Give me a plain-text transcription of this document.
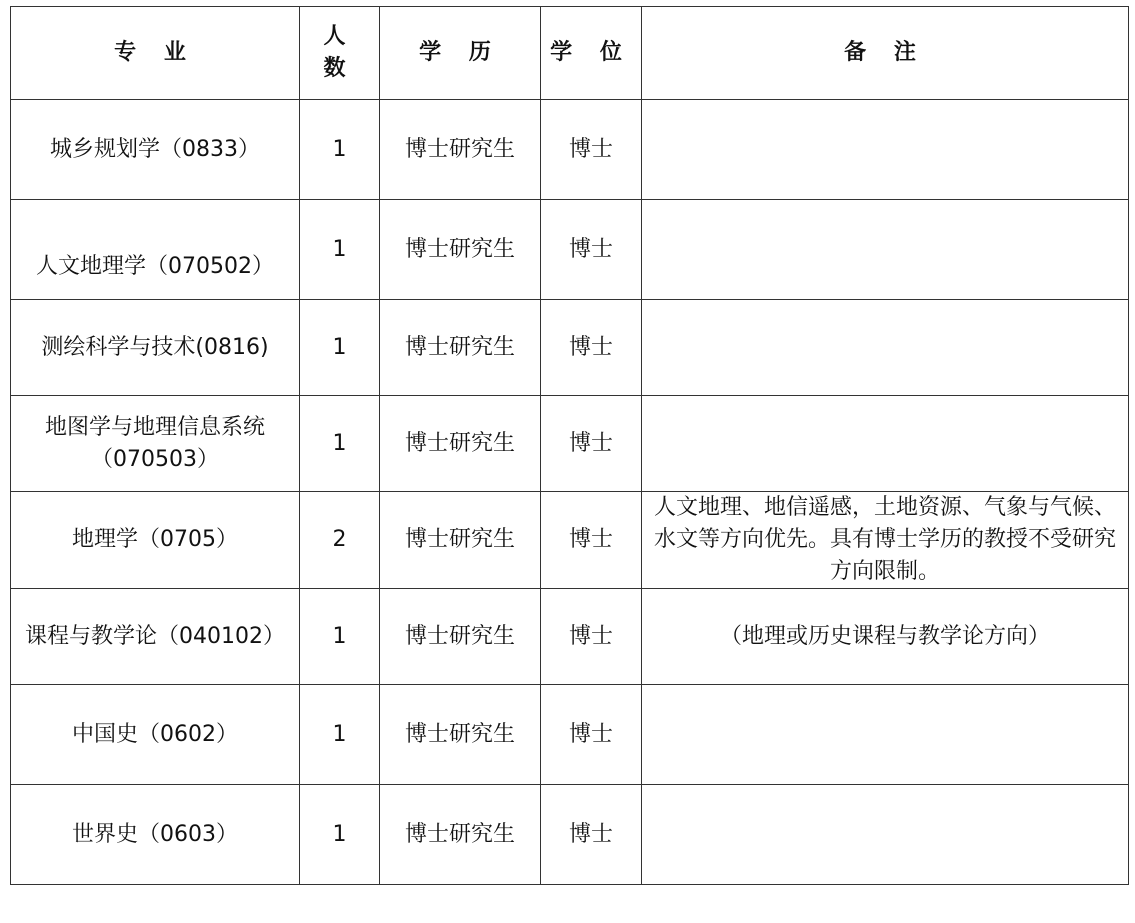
专 业	人 数	学 历	学 位	备 注
城乡规划学（0833）	1	博士研究生	博士	
人文地理学（070502）	1	博士研究生	博士	
测绘科学与技术(0816)	1	博士研究生	博士	
地图学与地理信息系统（070503）	1	博士研究生	博士	
地理学（0705）	2	博士研究生	博士	人文地理、地信遥感，土地资源、气象与气候、水文等方向优先。具有博士学历的教授不受研究方向限制。
课程与教学论（040102）	1	博士研究生	博士	（地理或历史课程与教学论方向）
中国史（0602）	1	博士研究生	博士	
世界史（0603）	1	博士研究生	博士	
